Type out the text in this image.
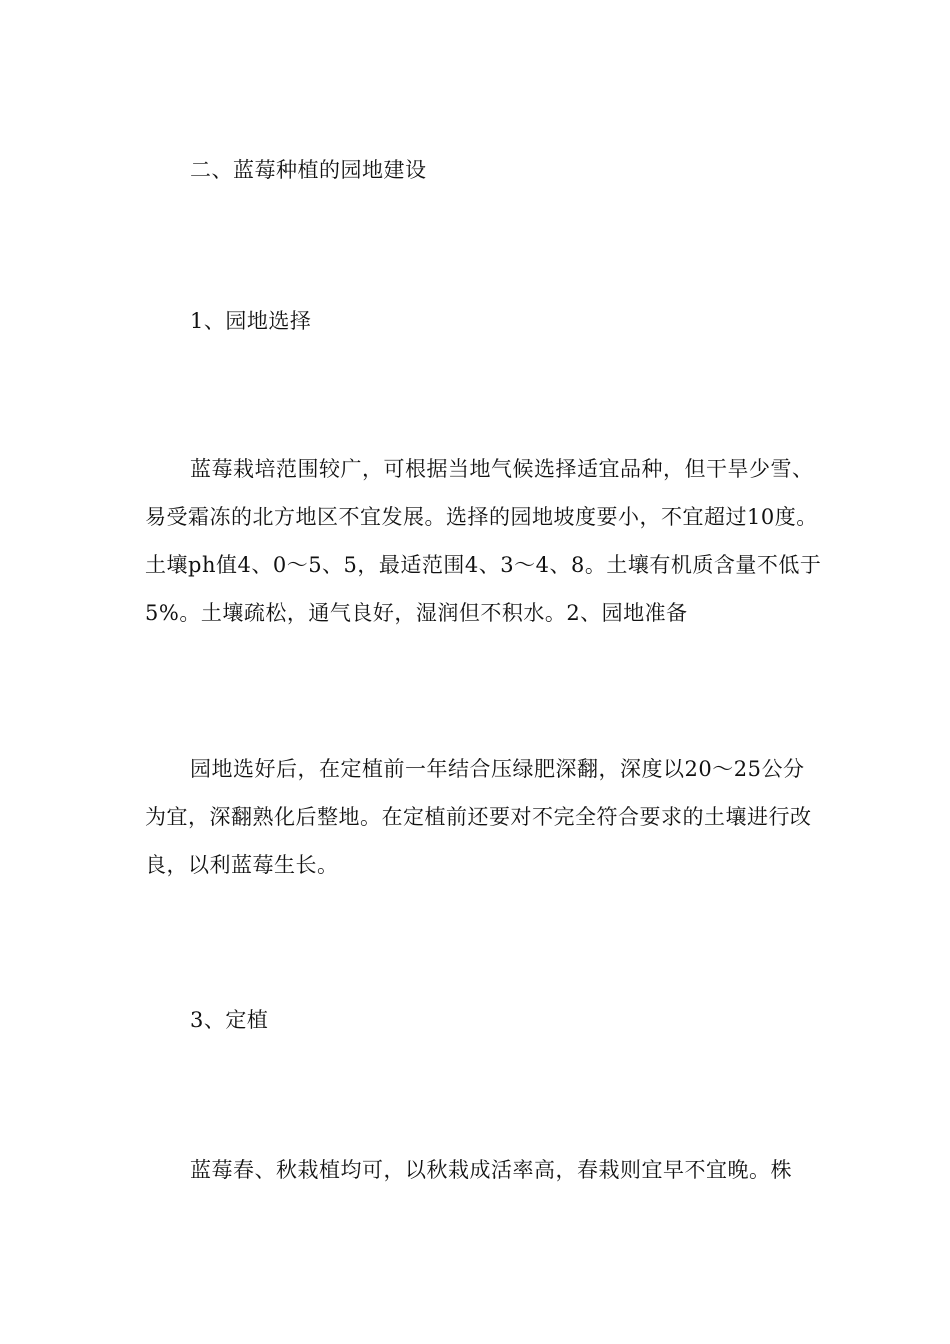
二、蓝莓种植的园地建设
1、园地选择
蓝莓栽培范围较广，可根据当地气候选择适宜品种，但干旱少雪、易受霜冻的北方地区不宜发展。选择的园地坡度要小，不宜超过10度。土壤ph值4、0～5、5，最适范围4、3～4、8。土壤有机质含量不低于5%。土壤疏松，通气良好，湿润但不积水。2、园地准备
园地选好后，在定植前一年结合压绿肥深翻，深度以20～25公分为宜，深翻熟化后整地。在定植前还要对不完全符合要求的土壤进行改良，以利蓝莓生长。
3、定植
蓝莓春、秋栽植均可，以秋栽成活率高，春栽则宜早不宜晚。株
